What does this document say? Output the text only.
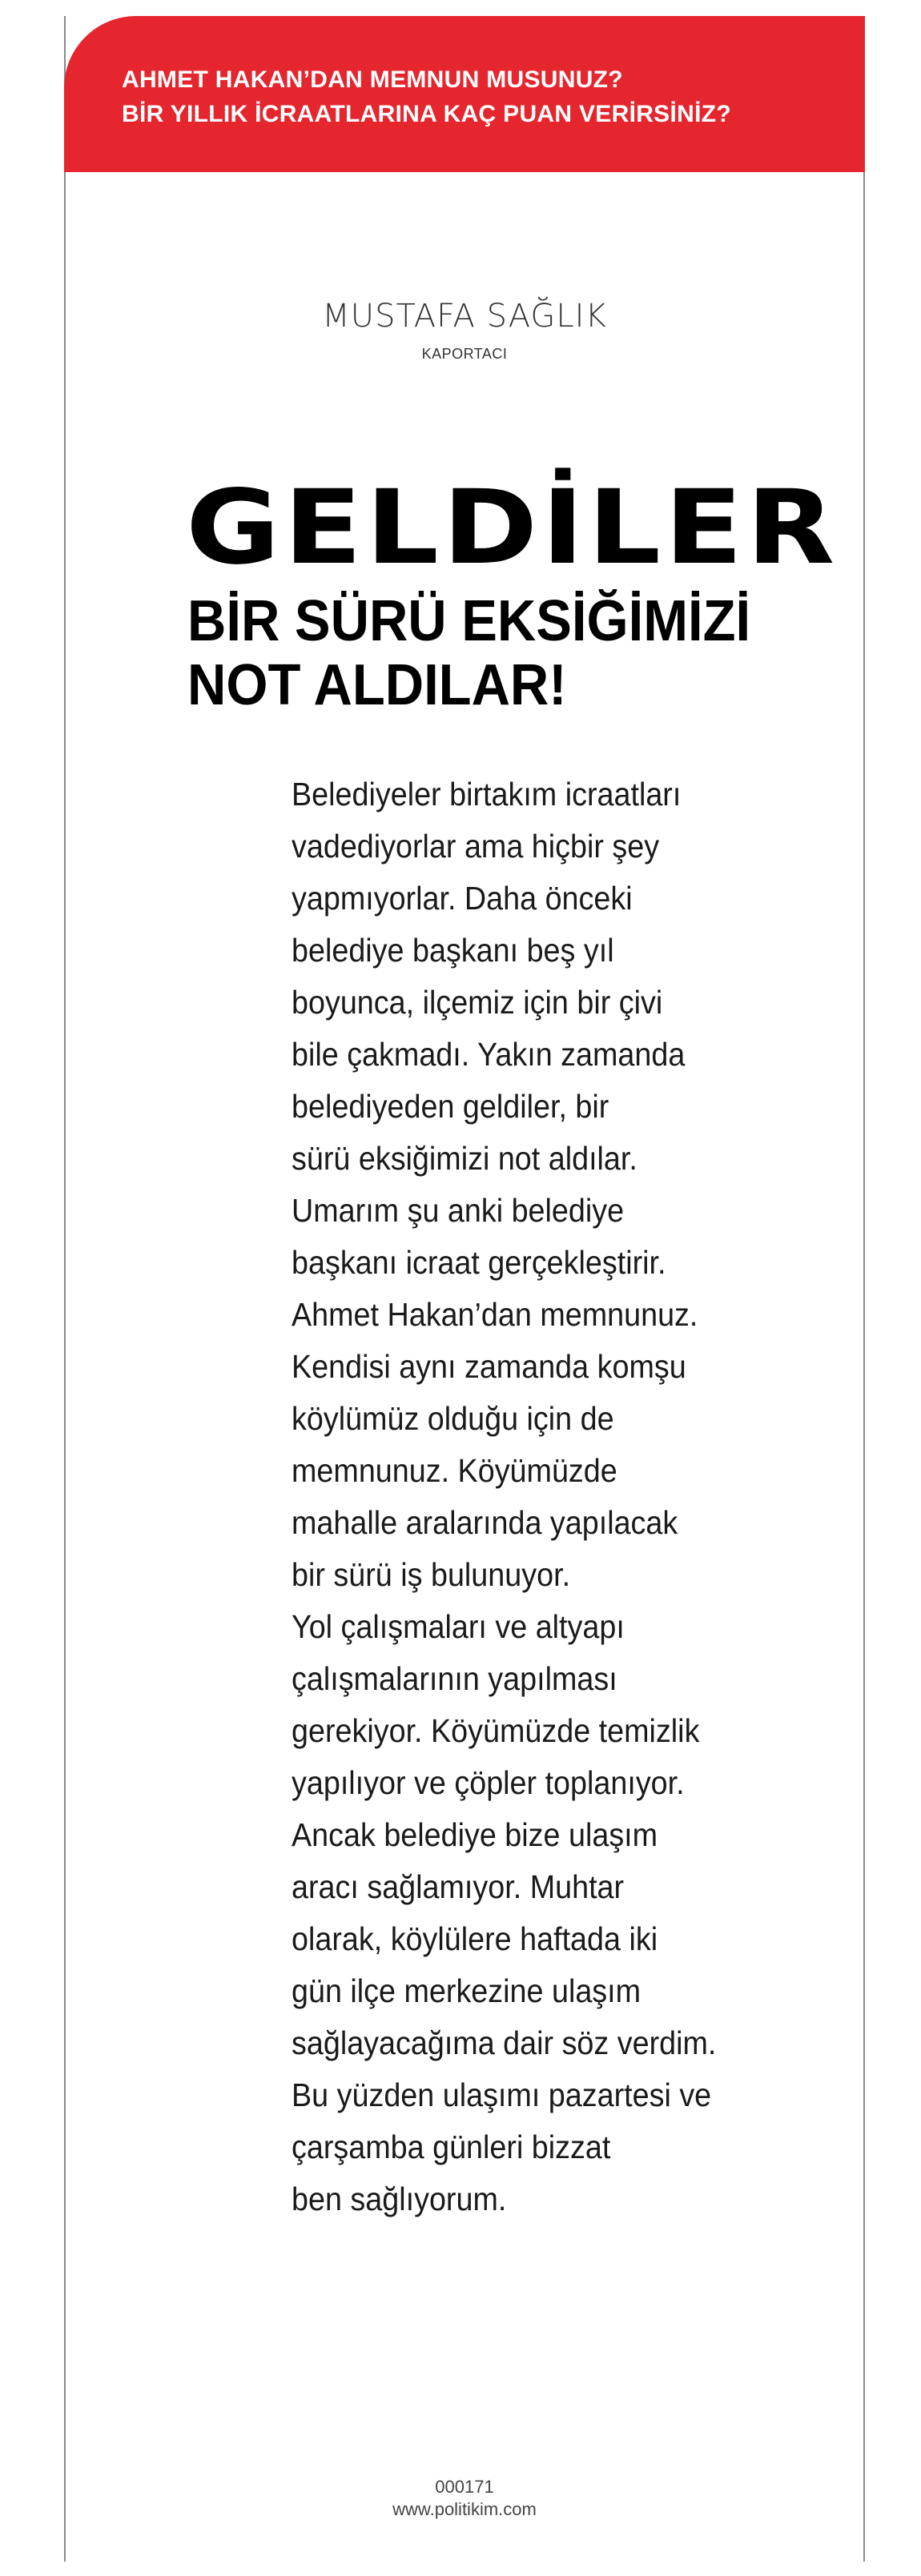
AHMET HAKAN’DAN MEMNUN MUSUNUZ?
BİR YILLIK İCRAATLARINA KAÇ PUAN VERİRSİNİZ?
MUSTAFA SAĞLIK
KAPORTACI
GELDİLER
BİR SÜRÜ EKSİĞİMİZİ
NOT ALDILAR!
Belediyeler birtakım icraatları
vadediyorlar ama hiçbir şey
yapmıyorlar. Daha önceki
belediye başkanı beş yıl
boyunca, ilçemiz için bir çivi
bile çakmadı. Yakın zamanda
belediyeden geldiler, bir
sürü eksiğimizi not aldılar.
Umarım şu anki belediye
başkanı icraat gerçekleştirir.
Ahmet Hakan’dan memnunuz.
Kendisi aynı zamanda komşu
köylümüz olduğu için de
memnunuz. Köyümüzde
mahalle aralarında yapılacak
bir sürü iş bulunuyor.
Yol çalışmaları ve altyapı
çalışmalarının yapılması
gerekiyor. Köyümüzde temizlik
yapılıyor ve çöpler toplanıyor.
Ancak belediye bize ulaşım
aracı sağlamıyor. Muhtar
olarak, köylülere haftada iki
gün ilçe merkezine ulaşım
sağlayacağıma dair söz verdim.
Bu yüzden ulaşımı pazartesi ve
çarşamba günleri bizzat
ben sağlıyorum.
000171
www.politikim.com
